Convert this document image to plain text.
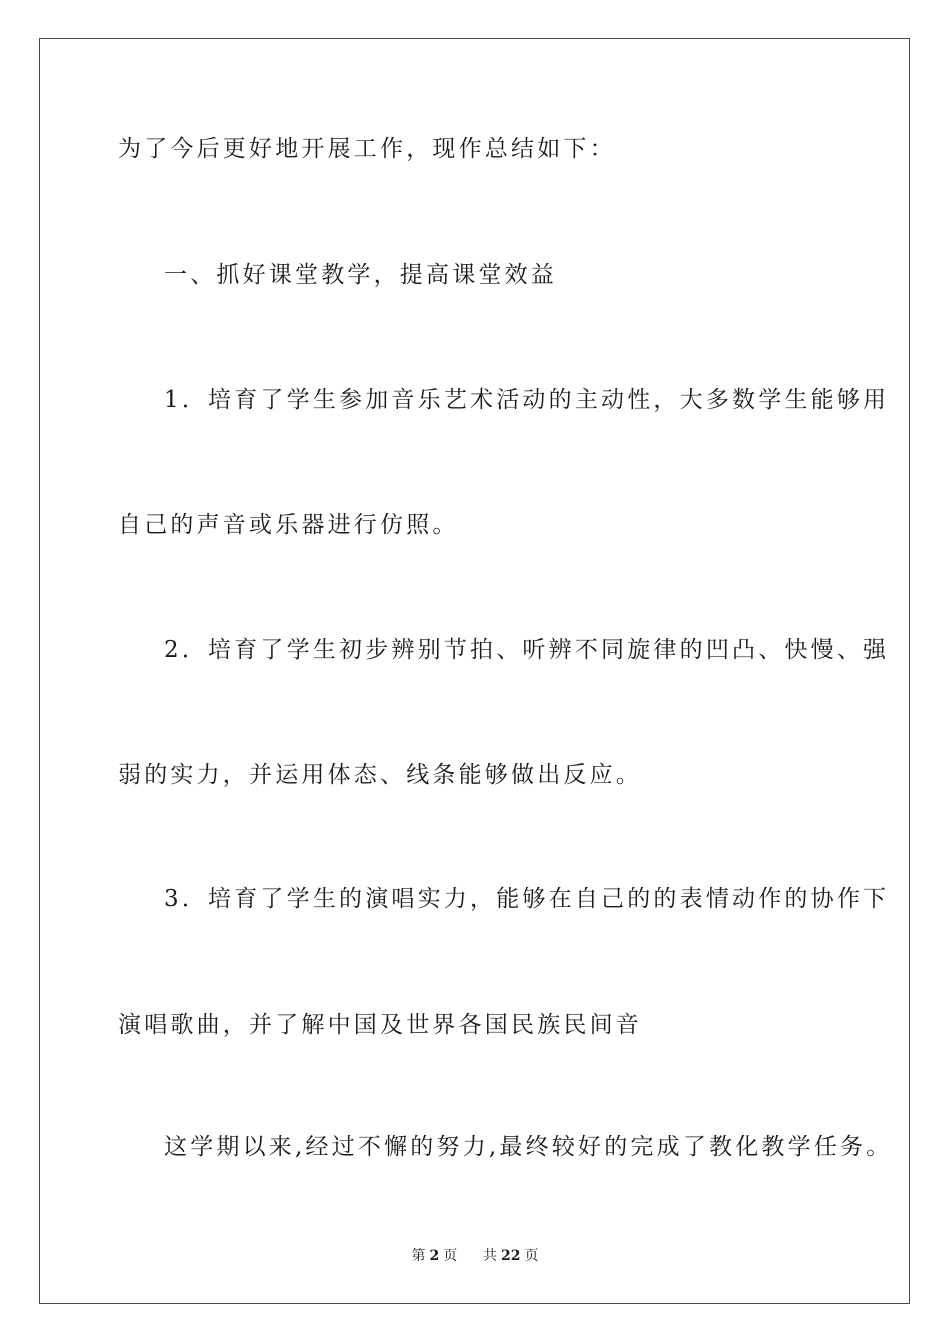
为了今后更好地开展工作，现作总结如下：
一、抓好课堂教学，提高课堂效益
1．培育了学生参加音乐艺术活动的主动性，大多数学生能够用
自己的声音或乐器进行仿照。
2．培育了学生初步辨别节拍、听辨不同旋律的凹凸、快慢、强
弱的实力，并运用体态、线条能够做出反应。
3．培育了学生的演唱实力，能够在自己的的表情动作的协作下
演唱歌曲，并了解中国及世界各国民族民间音
这学期以来,经过不懈的努力,最终较好的完成了教化教学任务。
第 2 页 共 22 页
